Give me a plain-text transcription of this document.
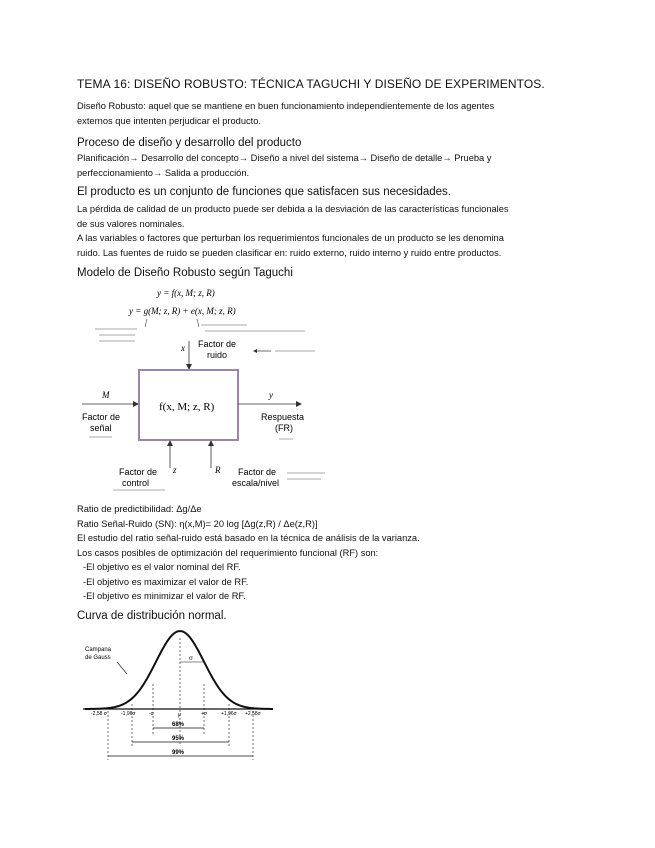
TEMA 16: DISEÑO ROBUSTO: TÉCNICA TAGUCHI Y DISEÑO DE EXPERIMENTOS.
Diseño Robusto: aquel que se mantiene en buen funcionamiento independientemente de los agentes
externos que intenten perjudicar el producto.
Proceso de diseño y desarrollo del producto
Planificación→ Desarrollo del concepto→ Diseño a nivel del sistema→ Diseño de detalle→ Prueba y
perfeccionamiento→ Salida a producción.
El producto es un conjunto de funciones que satisfacen sus necesidades.
La pérdida de calidad de un producto puede ser debida a la desviación de las características funcionales
de sus valores nominales.
A las variables o factores que perturban los requerimientos funcionales de un producto se les denomina
ruido. Las fuentes de ruido se pueden clasificar en: ruido externo, ruido interno y ruido entre productos.
Modelo de Diseño Robusto según Taguchi
y = f(x, M; z, R)
y = g(M; z, R) + e(x, M; z, R)
x Factor de
ruido
f(x, M; z, R)
M
Factor de
señal
y
Respuesta
(FR)
z
Factor de
control
R Factor de
escala/nivel
Ratio de predictibilidad: Δg/Δe
Ratio Señal-Ruido (SN): η(x,M)= 20 log [Δg(z,R) / Δe(z,R)]
El estudio del ratio señal-ruido está basado en la técnica de análisis de la varianza.
Los casos posibles de optimización del requerimiento funcional (RF) son:
-El objetivo es el valor nominal del RF.
-El objetivo es maximizar el valor de RF.
-El objetivo es minimizar el valor de RF.
Curva de distribución normal.
Campana
de Gauss	σ
μ
-2,58 σ	-1,96σ	-σ	+σ	+1,96σ +2,58σ
68%
95%
99%
